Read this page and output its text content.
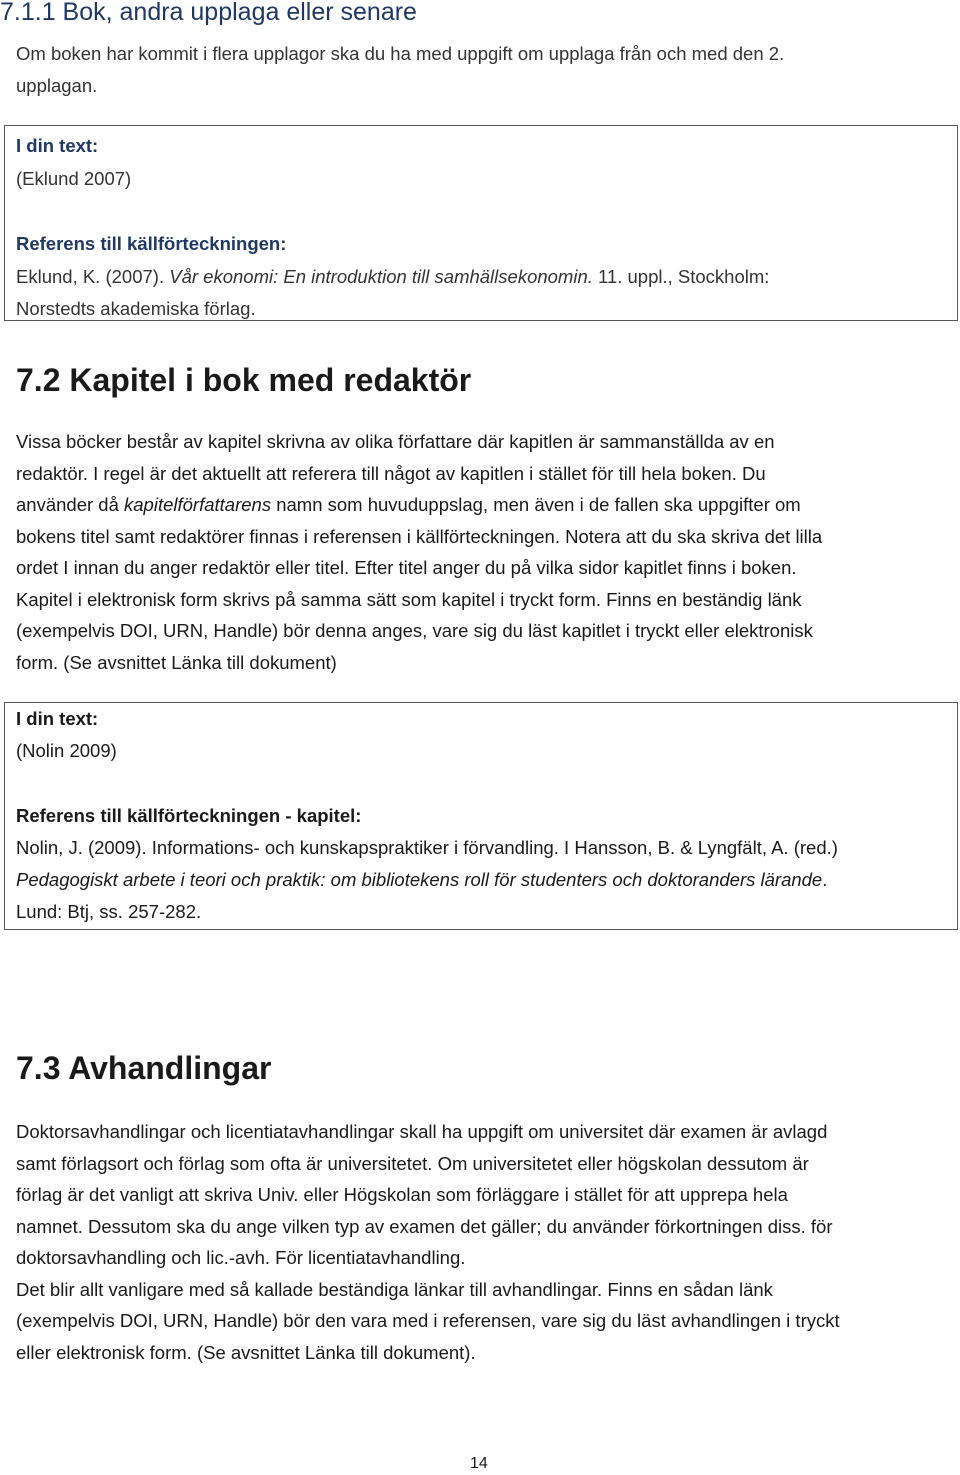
7.1.1 Bok, andra upplaga eller senare
Om boken har kommit i flera upplagor ska du ha med uppgift om upplaga från och med den 2.
upplagan.
I din text:
(Eklund 2007)
Referens till källförteckningen:
Eklund, K. (2007). Vår ekonomi: En introduktion till samhällsekonomin. 11. uppl., Stockholm:
Norstedts akademiska förlag.
7.2 Kapitel i bok med redaktör
Vissa böcker består av kapitel skrivna av olika författare där kapitlen är sammanställda av en
redaktör. I regel är det aktuellt att referera till något av kapitlen i stället för till hela boken. Du
använder då kapitelförfattarens namn som huvuduppslag, men även i de fallen ska uppgifter om
bokens titel samt redaktörer finnas i referensen i källförteckningen. Notera att du ska skriva det lilla
ordet I innan du anger redaktör eller titel. Efter titel anger du på vilka sidor kapitlet finns i boken.
Kapitel i elektronisk form skrivs på samma sätt som kapitel i tryckt form. Finns en beständig länk
(exempelvis DOI, URN, Handle) bör denna anges, vare sig du läst kapitlet i tryckt eller elektronisk
form. (Se avsnittet Länka till dokument)
I din text:
(Nolin 2009)
Referens till källförteckningen - kapitel:
Nolin, J. (2009). Informations- och kunskapspraktiker i förvandling. I Hansson, B. & Lyngfält, A. (red.)
Pedagogiskt arbete i teori och praktik: om bibliotekens roll för studenters och doktoranders lärande.
Lund: Btj, ss. 257-282.
7.3 Avhandlingar
Doktorsavhandlingar och licentiatavhandlingar skall ha uppgift om universitet där examen är avlagd
samt förlagsort och förlag som ofta är universitetet. Om universitetet eller högskolan dessutom är
förlag är det vanligt att skriva Univ. eller Högskolan som förläggare i stället för att upprepa hela
namnet. Dessutom ska du ange vilken typ av examen det gäller; du använder förkortningen diss. för
doktorsavhandling och lic.-avh. För licentiatavhandling.
Det blir allt vanligare med så kallade beständiga länkar till avhandlingar. Finns en sådan länk
(exempelvis DOI, URN, Handle) bör den vara med i referensen, vare sig du läst avhandlingen i tryckt
eller elektronisk form. (Se avsnittet Länka till dokument).
14
